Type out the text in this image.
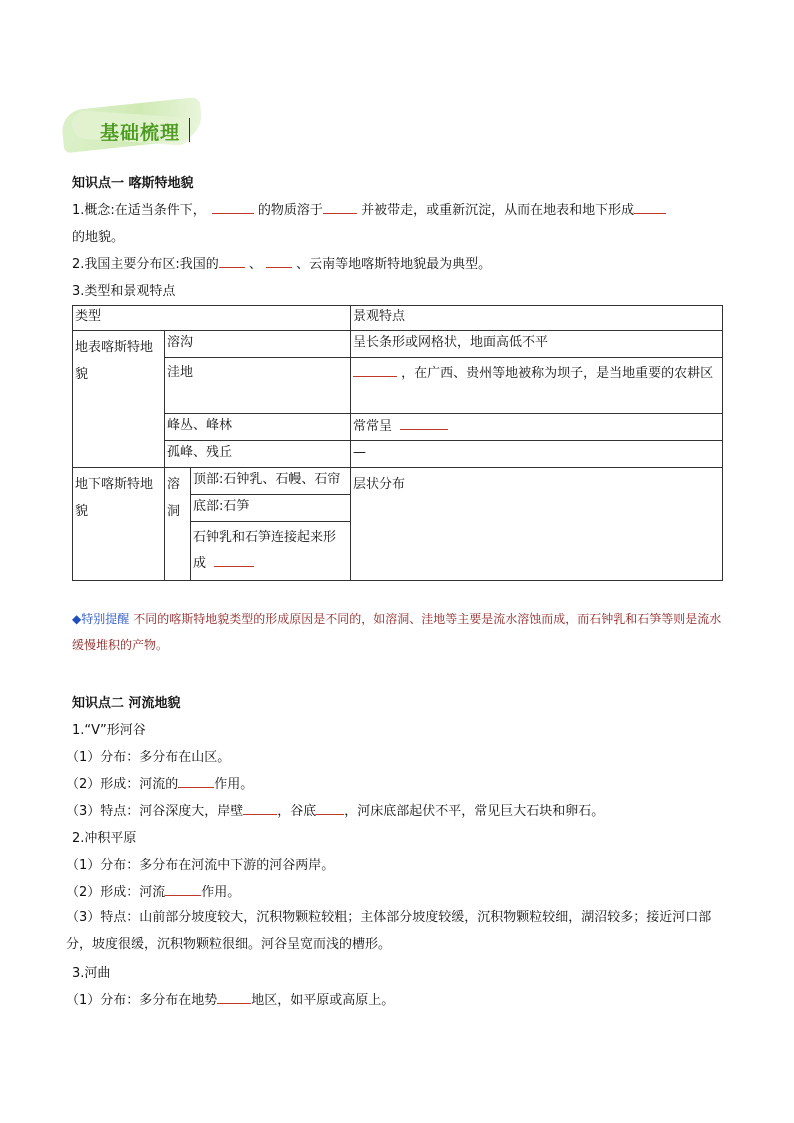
基础梳理
知识点一 喀斯特地貌
1.概念:在适当条件下，	的物质溶于	并被带走，或重新沉淀，从而在地表和地下形成
的地貌。
2.我国主要分布区:我国的 、 、云南等地喀斯特地貌最为典型。
3.类型和景观特点
类型			景观特点
地表喀斯特地貌	溶沟		呈长条形或网格状，地面高低不平
	洼地		，在广西、贵州等地被称为坝子，是当地重要的农耕区
	峰丛、峰林		常常呈
	孤峰、残丘		—
地下喀斯特地貌	溶洞	顶部:石钟乳、石幔、石帘	层状分布
		底部:石笋	
		石钟乳和石笋连接起来形成	
◆特别提醒 不同的喀斯特地貌类型的形成原因是不同的，如溶洞、洼地等主要是流水溶蚀而成，而石钟乳和石笋等则是流水缓慢堆积的产物。
知识点二 河流地貌
1.“V”形河谷
（1）分布：多分布在山区。
（2）形成：河流的	作用。
（3）特点：河谷深度大，岸壁	，谷底 ，河床底部起伏不平，常见巨大石块和卵石。
2.冲积平原
（1）分布：多分布在河流中下游的河谷两岸。
（2）形成：河流	作用。
（3）特点：山前部分坡度较大，沉积物颗粒较粗；主体部分坡度较缓，沉积物颗粒较细，湖沼较多；接近河口部分，坡度很缓，沉积物颗粒很细。河谷呈宽而浅的槽形。
3.河曲
（1）分布：多分布在地势	地区，如平原或高原上。
